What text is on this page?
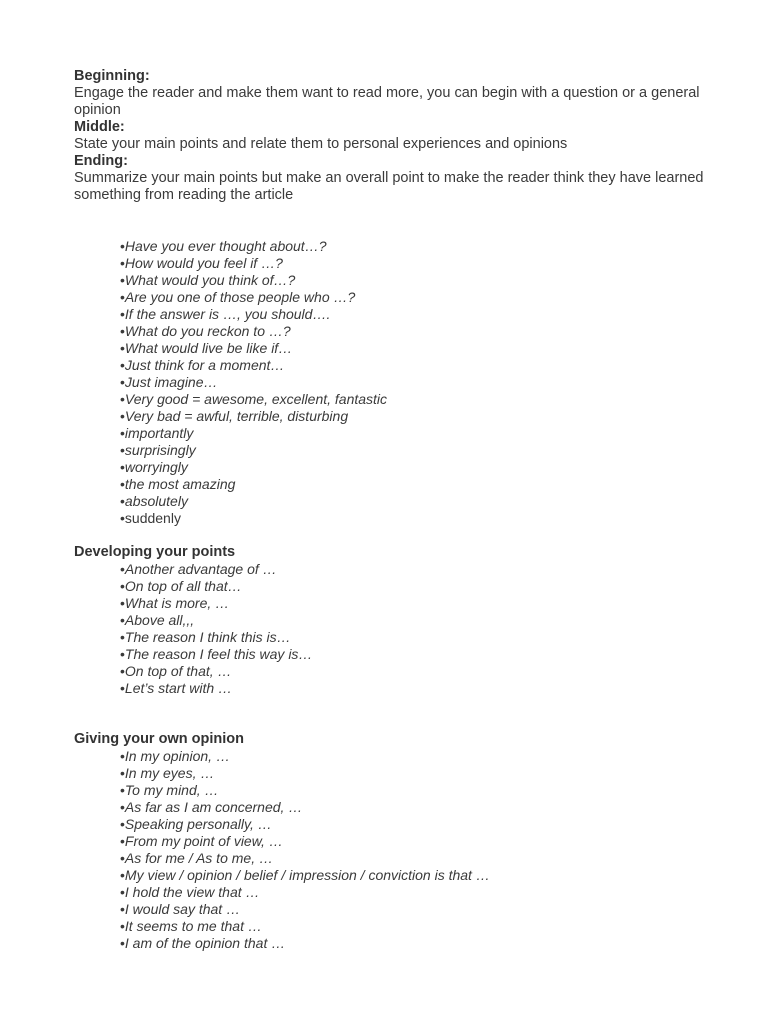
Beginning:
Engage the reader and make them want to read more, you can begin with a question or a general opinion
Middle:
State your main points and relate them to personal experiences and opinions
Ending:
Summarize your main points but make an overall point to make the reader think they have learned something from reading the article
•Have you ever thought about…?
•How would you feel if …?
•What would you think of…?
•Are you one of those people who …?
•If the answer is …, you should….
•What do you reckon to …?
•What would live be like if…
•Just think for a moment…
•Just imagine…
•Very good = awesome, excellent, fantastic
•Very bad = awful, terrible, disturbing
•importantly
•surprisingly
•worryingly
•the most amazing
•absolutely
•suddenly
Developing your points
•Another advantage of …
•On top of all that…
•What is more, …
•Above all,,,
•The reason I think this is…
•The reason I feel this way is…
•On top of that, …
•Let’s start with …
Giving your own opinion
•In my opinion, …
•In my eyes, …
•To my mind, …
•As far as I am concerned, …
•Speaking personally, …
•From my point of view, …
•As for me / As to me, …
•My view / opinion / belief / impression / conviction is that …
•I hold the view that …
•I would say that …
•It seems to me that …
•I am of the opinion that …
